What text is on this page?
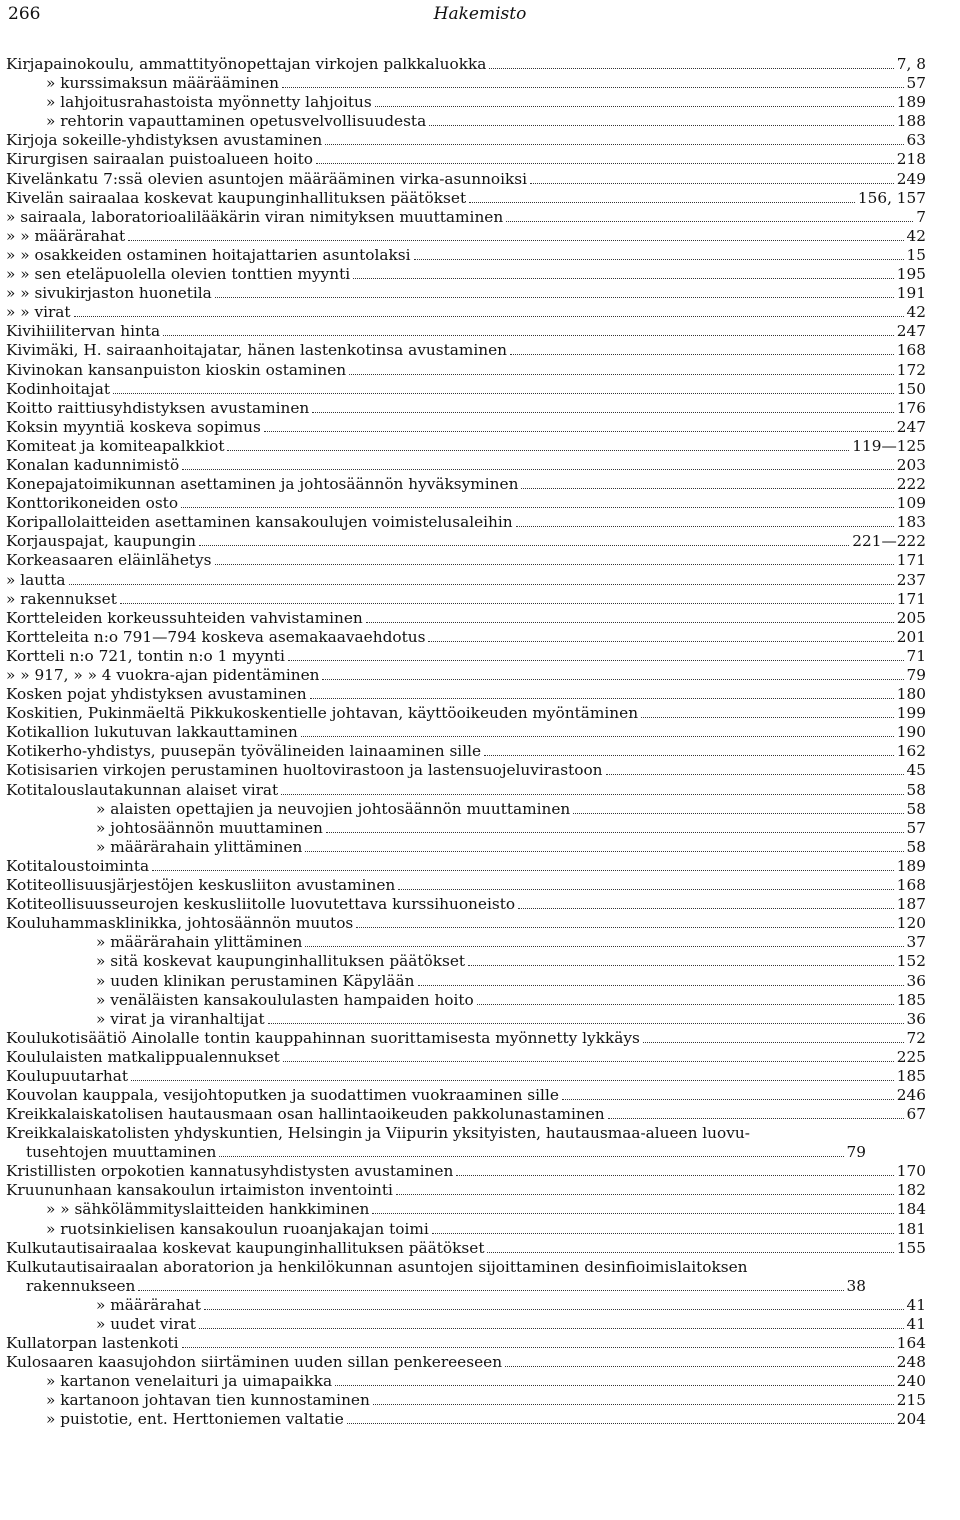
266	Hakemisto
Kirjapainokoulu, ammattityönopettajan virkojen palkkaluokka	7, 8
» kurssimaksun määrääminen	57
» lahjoitusrahastoista myönnetty lahjoitus	189
» rehtorin vapauttaminen opetusvelvollisuudesta	188
Kirjoja sokeille-yhdistyksen avustaminen	63
Kirurgisen sairaalan puistoalueen hoito	218
Kivelänkatu 7:ssä olevien asuntojen määrääminen virka-asunnoiksi	249
Kivelän sairaalaa koskevat kaupunginhallituksen päätökset	156, 157
» sairaala, laboratorioalilääkärin viran nimityksen muuttaminen	7
» » määrärahat	42
» » osakkeiden ostaminen hoitajattarien asuntolaksi	15
» » sen eteläpuolella olevien tonttien myynti	195
» » sivukirjaston huonetila	191
» » virat	42
Kivihiilitervan hinta	247
Kivimäki, H. sairaanhoitajatar, hänen lastenkotinsa avustaminen	168
Kivinokan kansanpuiston kioskin ostaminen	172
Kodinhoitajat	150
Koitto raittiusyhdistyksen avustaminen	176
Koksin myyntiä koskeva sopimus	247
Komiteat ja komiteapalkkiot	119—125
Konalan kadunnimistö	203
Konepajatoimikunnan asettaminen ja johtosäännön hyväksyminen	222
Konttorikoneiden osto	109
Koripallolaitteiden asettaminen kansakoulujen voimistelusaleihin	183
Korjauspajat, kaupungin	221—222
Korkeasaaren eläinlähetys	171
» lautta	237
» rakennukset	171
Kortteleiden korkeussuhteiden vahvistaminen	205
Kortteleita n:o 791—794 koskeva asemakaavaehdotus	201
Kortteli n:o 721, tontin n:o 1 myynti	71
» » 917, » » 4 vuokra-ajan pidentäminen	79
Kosken pojat yhdistyksen avustaminen	180
Koskitien, Pukinmäeltä Pikkukoskentielle johtavan, käyttöoikeuden myöntäminen	199
Kotikallion lukutuvan lakkauttaminen	190
Kotikerho-yhdistys, puusepän työvälineiden lainaaminen sille	162
Kotisisarien virkojen perustaminen huoltovirastoon ja lastensuojeluvirastoon	45
Kotitalouslautakunnan alaiset virat	58
» alaisten opettajien ja neuvojien johtosäännön muuttaminen	58
» johtosäännön muuttaminen	57
» määrärahain ylittäminen	58
Kotitaloustoiminta	189
Kotiteollisuusjärjestöjen keskusliiton avustaminen	168
Kotiteollisuusseurojen keskusliitolle luovutettava kurssihuoneisto	187
Kouluhammasklinikka, johtosäännön muutos	120
» määrärahain ylittäminen	37
» sitä koskevat kaupunginhallituksen päätökset	152
» uuden klinikan perustaminen Käpylään	36
» venäläisten kansakoululasten hampaiden hoito	185
» virat ja viranhaltijat	36
Koulukotisäätiö Ainolalle tontin kauppahinnan suorittamisesta myönnetty lykkäys	72
Koululaisten matkalippualennukset	225
Koulupuutarhat	185
Kouvolan kauppala, vesijohtoputken ja suodattimen vuokraaminen sille	246
Kreikkalaiskatolisen hautausmaan osan hallintaoikeuden pakkolunastaminen	67
Kreikkalaiskatolisten yhdyskuntien, Helsingin ja Viipurin yksityisten, hautausmaa-alueen luovu-
tusehtojen muuttaminen	79
Kristillisten orpokotien kannatusyhdistysten avustaminen	170
Kruununhaan kansakoulun irtaimiston inventointi	182
» » sähkölämmityslaitteiden hankkiminen	184
» ruotsinkielisen kansakoulun ruoanjakajan toimi	181
Kulkutautisairaalaa koskevat kaupunginhallituksen päätökset	155
Kulkutautisairaalan aboratorion ja henkilökunnan asuntojen sijoittaminen desinfioimislaitoksen
rakennukseen	38
» määrärahat	41
» uudet virat	41
Kullatorpan lastenkoti	164
Kulosaaren kaasujohdon siirtäminen uuden sillan penkereeseen	248
» kartanon venelaituri ja uimapaikka	240
» kartanoon johtavan tien kunnostaminen	215
» puistotie, ent. Herttoniemen valtatie	204
